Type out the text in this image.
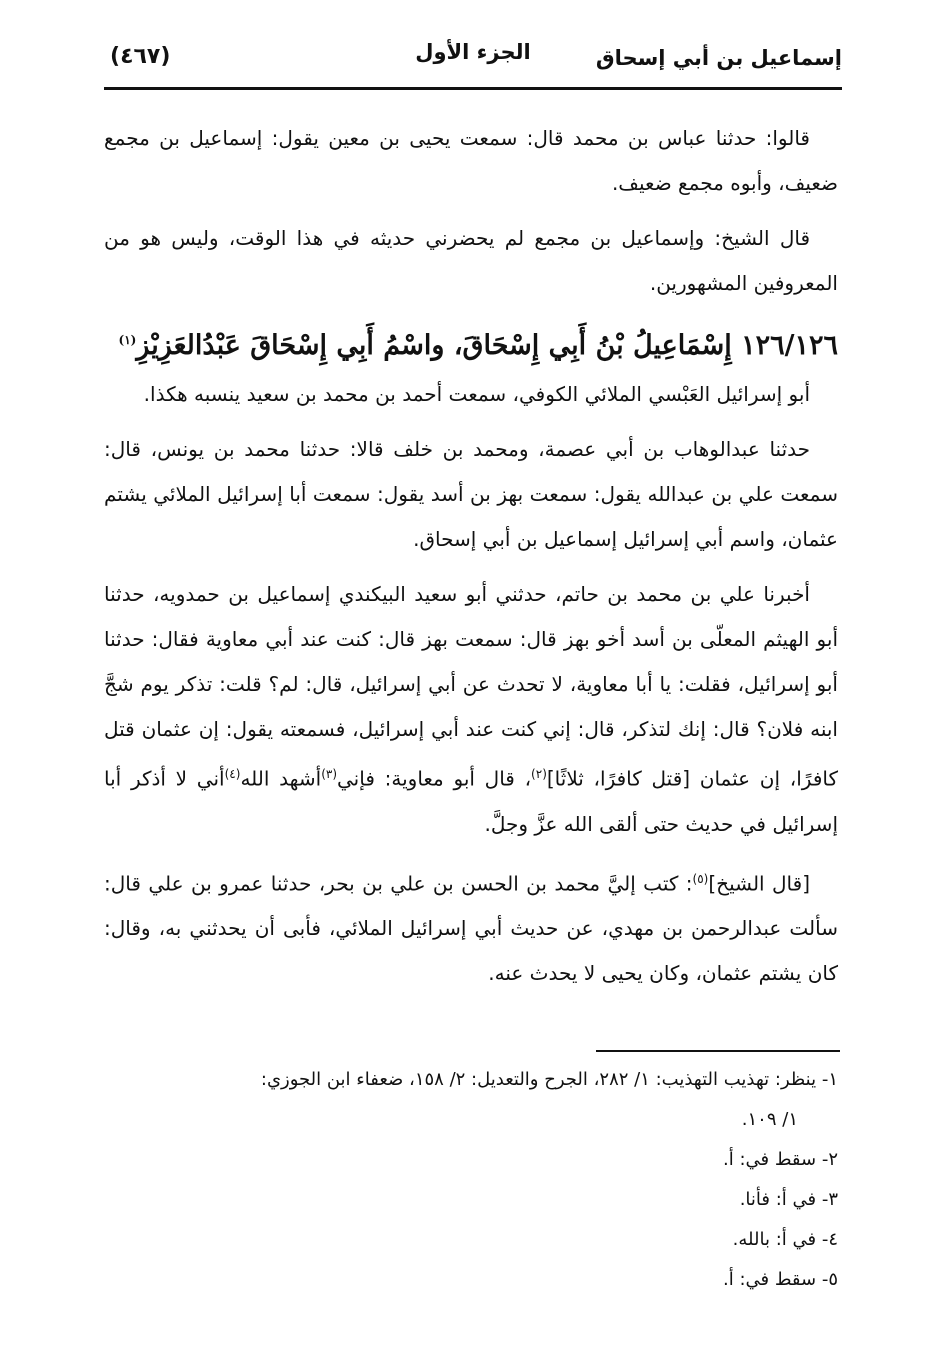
إسماعيل بن أبي إسحاق
الجزء الأول
(٤٦٧)

قالوا: حدثنا عباس بن محمد قال: سمعت يحيى بن معين يقول: إسماعيل بن مجمع ضعيف، وأبوه مجمع ضعيف.

قال الشيخ: وإسماعيل بن مجمع لم يحضرني حديثه في هذا الوقت، وليس هو من المعروفين المشهورين.

١٢٦/١٢٦ إِسْمَاعِيلُ بْنُ أَبِي إِسْحَاقَ، واسْمُ أَبِي إِسْحَاقَ عَبْدُالعَزِيْزِ$^{(١)}$

أبو إسرائيل العَبْسي الملائي الكوفي، سمعت أحمد بن محمد بن سعيد ينسبه هكذا.

حدثنا عبدالوهاب بن أبي عصمة، ومحمد بن خلف قالا: حدثنا محمد بن يونس، قال: سمعت علي بن عبدالله يقول: سمعت بهز بن أسد يقول: سمعت أبا إسرائيل الملائي يشتم عثمان، واسم أبي إسرائيل إسماعيل بن أبي إسحاق.

أخبرنا علي بن محمد بن حاتم، حدثني أبو سعيد البيكندي إسماعيل بن حمدويه، حدثنا أبو الهيثم المعلّى بن أسد أخو بهز قال: سمعت بهز قال: كنت عند أبي معاوية فقال: حدثنا أبو إسرائيل، فقلت: يا أبا معاوية، لا تحدث عن أبي إسرائيل، قال: لم؟ قلت: تذكر يوم شجَّ ابنه فلان؟ قال: إنك لتذكر، قال: إني كنت عند أبي إسرائيل، فسمعته يقول: إن عثمان قتل كافرًا، إن عثمان [قتل كافرًا، ثلاثًا]$^{(٢)}$، قال أبو معاوية: فإني$^{(٣)}$أشهد الله$^{(٤)}$أني لا أذكر أبا إسرائيل في حديث حتى ألقى الله عزَّ وجلَّ.

[قال الشيخ]$^{(٥)}$: كتب إليَّ محمد بن الحسن بن علي بن بحر، حدثنا عمرو بن علي قال: سألت عبدالرحمن بن مهدي، عن حديث أبي إسرائيل الملائي، فأبى أن يحدثني به، وقال: كان يشتم عثمان، وكان يحيى لا يحدث عنه.

١- ينظر: تهذيب التهذيب: ١/ ٢٨٢، الجرح والتعديل: ٢/ ١٥٨، ضعفاء ابن الجوزي:
١/ ١٠٩.
٢- سقط في: أ.
٣- في أ: فأنا.
٤- في أ: بالله.
٥- سقط في: أ.
